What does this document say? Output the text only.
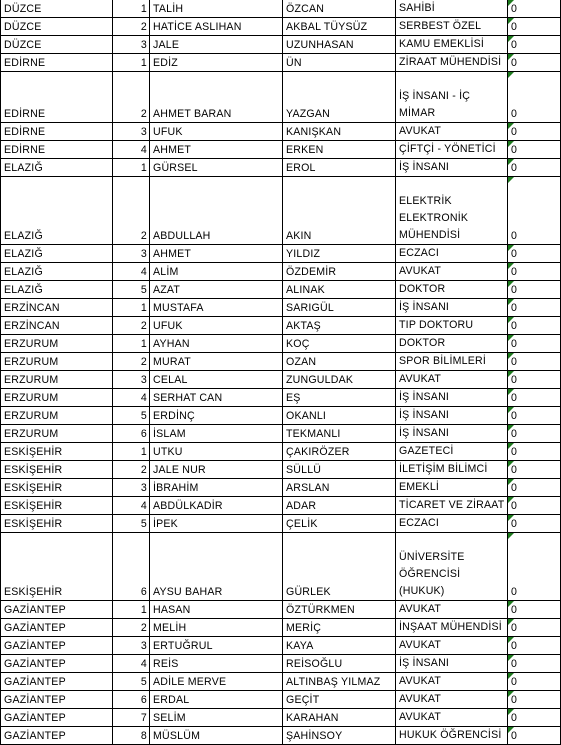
DÜZCE	1	TALİH	ÖZCAN	SAHİBİ	0
DÜZCE	2	HATİCE ASLIHAN	AKBAL TÜYSÜZ	SERBEST ÖZEL	0
DÜZCE	3	JALE	UZUNHASAN	KAMU EMEKLİSİ	0
EDİRNE	1	EDİZ	ÜN	ZİRAAT MÜHENDİSİ	0
EDİRNE	2	AHMET BARAN	YAZGAN	İŞ İNSANI - İÇ MİMAR	0
EDİRNE	3	UFUK	KANIŞKAN	AVUKAT	0
EDİRNE	4	AHMET	ERKEN	ÇİFTÇİ - YÖNETİCİ	0
ELAZIĞ	1	GÜRSEL	EROL	İŞ İNSANI	0
ELAZIĞ	2	ABDULLAH	AKIN	ELEKTRİK ELEKTRONİK MÜHENDİSİ	0
ELAZIĞ	3	AHMET	YILDIZ	ECZACI	0
ELAZIĞ	4	ALİM	ÖZDEMİR	AVUKAT	0
ELAZIĞ	5	AZAT	ALINAK	DOKTOR	0
ERZİNCAN	1	MUSTAFA	SARIGÜL	İŞ İNSANI	0
ERZİNCAN	2	UFUK	AKTAŞ	TIP DOKTORU	0
ERZURUM	1	AYHAN	KOÇ	DOKTOR	0
ERZURUM	2	MURAT	OZAN	SPOR BİLİMLERİ	0
ERZURUM	3	CELAL	ZUNGULDAK	AVUKAT	0
ERZURUM	4	SERHAT CAN	EŞ	İŞ İNSANI	0
ERZURUM	5	ERDİNÇ	OKANLI	İŞ İNSANI	0
ERZURUM	6	İSLAM	TEKMANLI	İŞ İNSANI	0
ESKİŞEHİR	1	UTKU	ÇAKIRÖZER	GAZETECİ	0
ESKİŞEHİR	2	JALE NUR	SÜLLÜ	İLETİŞİM BİLİMCİ	0
ESKİŞEHİR	3	İBRAHİM	ARSLAN	EMEKLİ	0
ESKİŞEHİR	4	ABDÜLKADİR	ADAR	TİCARET VE ZİRAAT	0
ESKİŞEHİR	5	İPEK	ÇELİK	ECZACI	0
ESKİŞEHİR	6	AYSU BAHAR	GÜRLEK	ÜNİVERSİTE ÖĞRENCİSİ (HUKUK)	0
GAZİANTEP	1	HASAN	ÖZTÜRKMEN	AVUKAT	0
GAZİANTEP	2	MELİH	MERİÇ	İNŞAAT MÜHENDİSİ	0
GAZİANTEP	3	ERTUĞRUL	KAYA	AVUKAT	0
GAZİANTEP	4	REİS	REİSOĞLU	İŞ İNSANI	0
GAZİANTEP	5	ADİLE MERVE	ALTINBAŞ YILMAZ	AVUKAT	0
GAZİANTEP	6	ERDAL	GEÇİT	AVUKAT	0
GAZİANTEP	7	SELİM	KARAHAN	AVUKAT	0
GAZİANTEP	8	MÜSLÜM	ŞAHİNSOY	HUKUK ÖĞRENCİSİ	0
